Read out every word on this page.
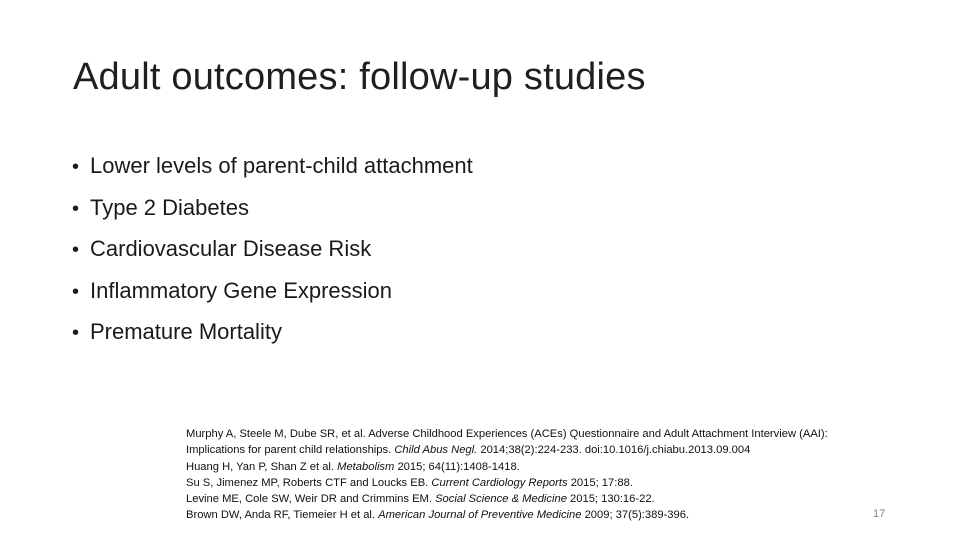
Adult outcomes: follow-up studies
• Lower levels of parent-child attachment
• Type 2 Diabetes
• Cardiovascular Disease Risk
• Inflammatory Gene Expression
• Premature Mortality
Murphy A, Steele M, Dube SR, et al. Adverse Childhood Experiences (ACEs) Questionnaire and Adult Attachment Interview (AAI):
Implications for parent child relationships. Child Abus Negl. 2014;38(2):224-233. doi:10.1016/j.chiabu.2013.09.004
Huang H, Yan P, Shan Z et al. Metabolism 2015; 64(11):1408-1418.
Su S, Jimenez MP, Roberts CTF and Loucks EB. Current Cardiology Reports 2015; 17:88.
Levine ME, Cole SW, Weir DR and Crimmins EM. Social Science & Medicine 2015; 130:16-22.
Brown DW, Anda RF, Tiemeier H et al. American Journal of Preventive Medicine 2009; 37(5):389-396.	17
